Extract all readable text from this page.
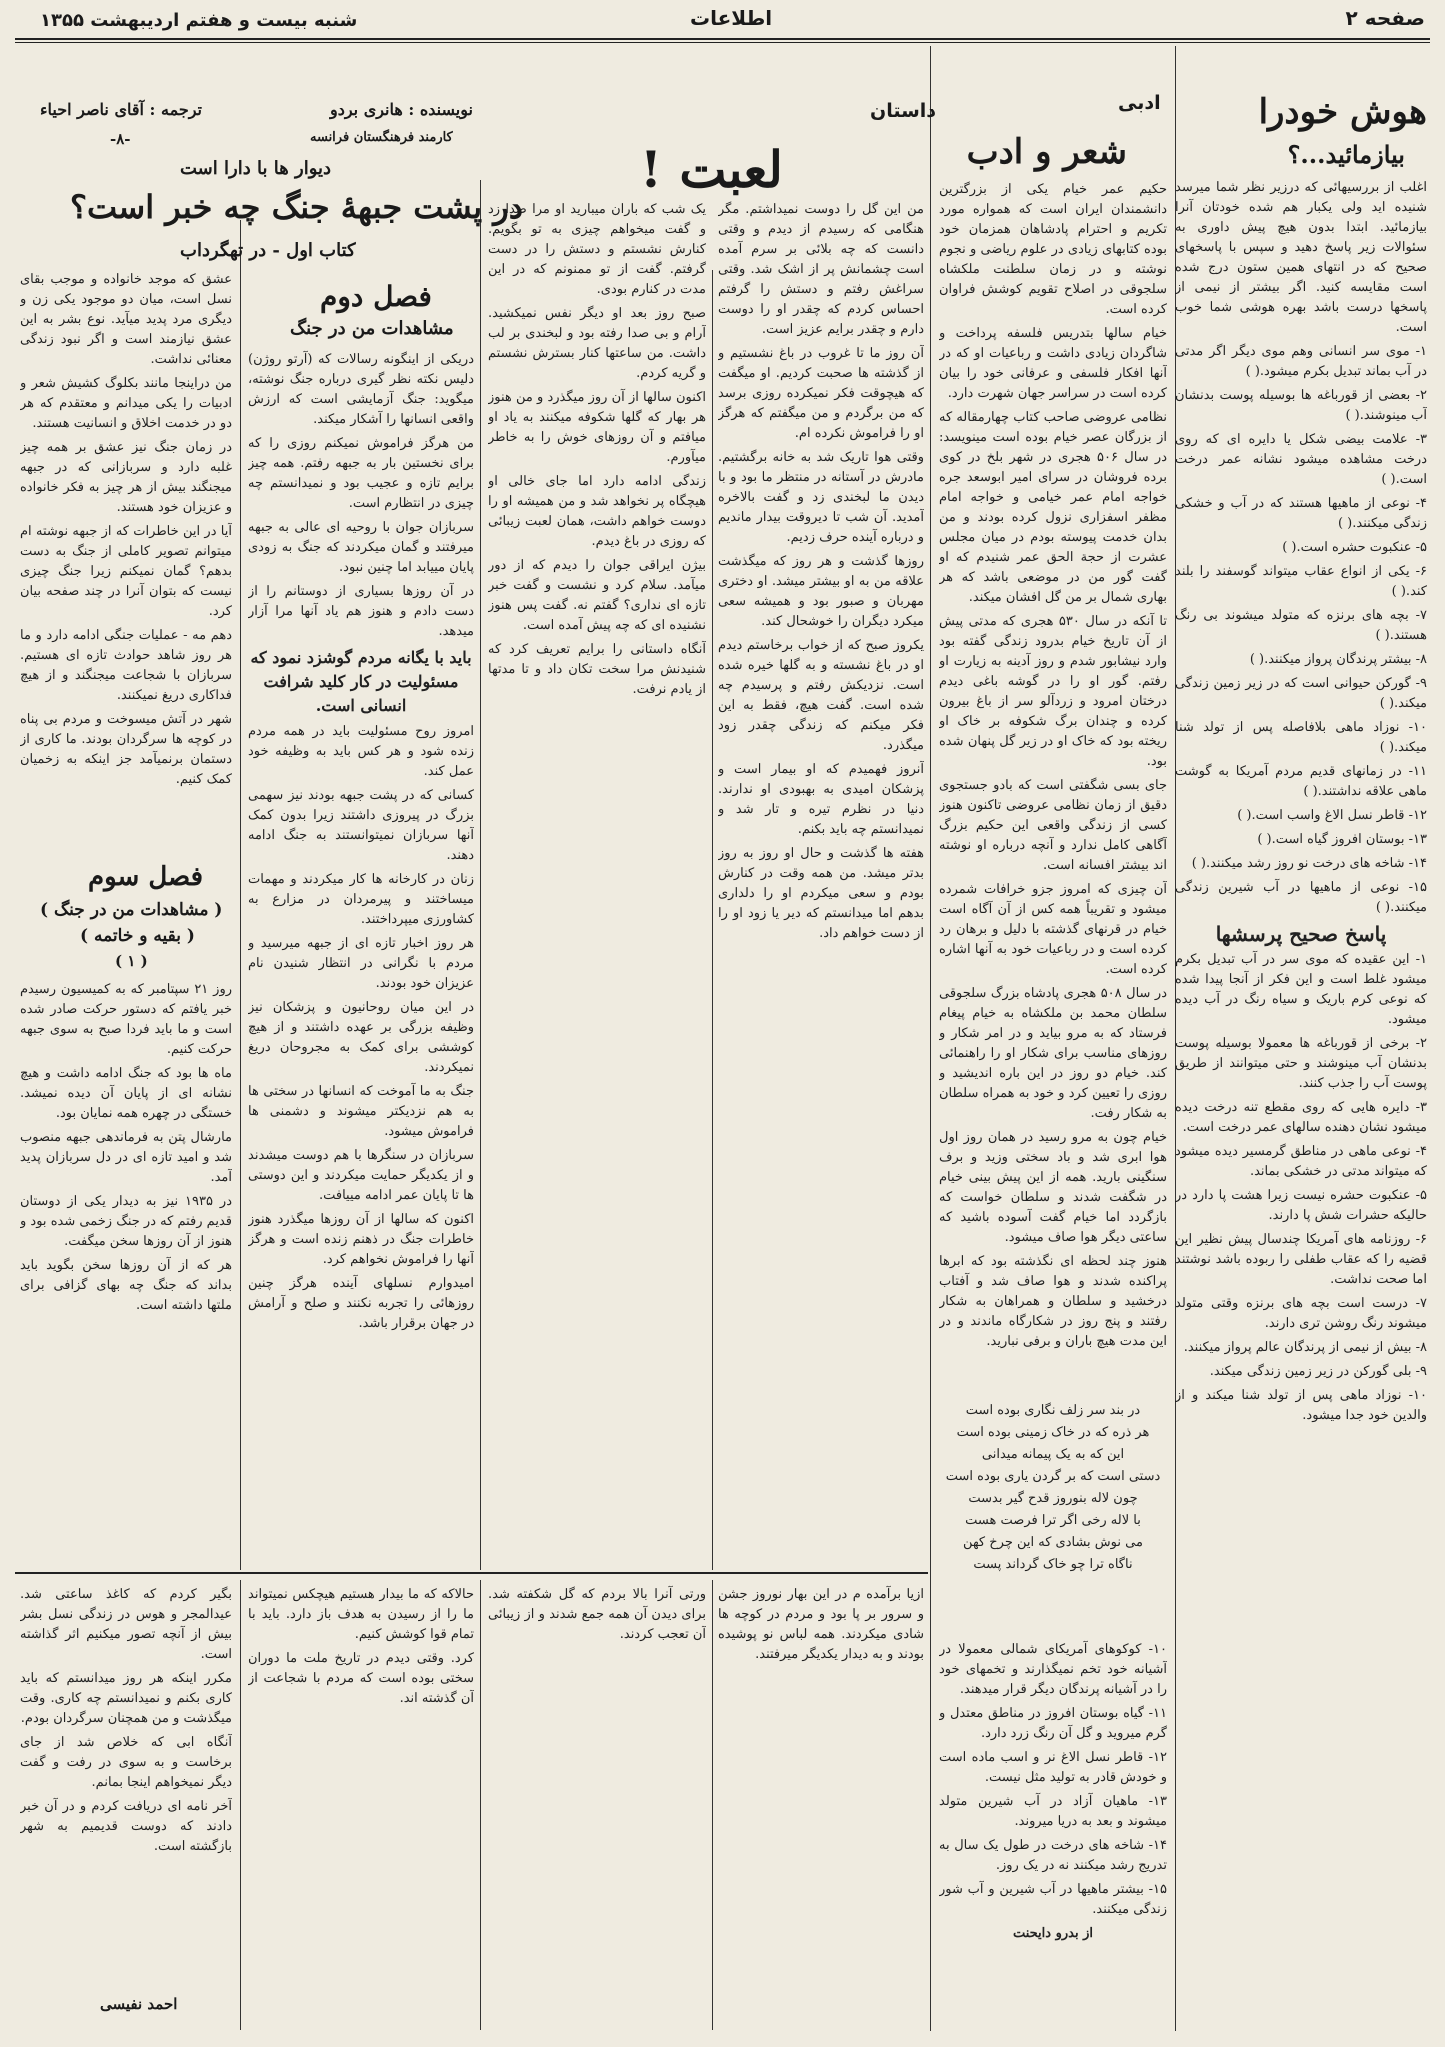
صفحه ۲
اطلاعات
شنبه بیست و هفتم اردیبهشت ۱۳۵۵
هوش خودرا
بیازمائید...؟
ادبی

اغلب از بررسیهائی که درزیر نظر شما میرسد شنیده اید ولی یکبار هم شده خودتان آنرا بیازمائید. ابتدا بدون هیچ پیش داوری به سئوالات زیر پاسخ دهید و سپس با پاسخهای صحیح که در انتهای همین ستون درج شده است مقایسه کنید. اگر بیشتر از نیمی از پاسخها درست باشد بهره هوشی شما خوب است.

۱- موی سر انسانی وهم موی دیگر اگر مدتی در آب بماند تبدیل بکرم میشود.( )

۲- بعضی از قورباغه ها بوسیله پوست بدنشان آب مینوشند.( )

۳- علامت بیضی شکل یا دایره ای که روی درخت مشاهده میشود نشانه عمر درخت است.( )

۴- نوعی از ماهیها هستند که در آب و خشکی زندگی میکنند.( )

۵- عنکبوت حشره است.( )

۶- یکی از انواع عقاب میتواند گوسفند را بلند کند.( )

۷- بچه های برنزه که متولد میشوند بی رنگ هستند.( )

۸- بیشتر پرندگان پرواز میکنند.( )

۹- گورکن حیوانی است که در زیر زمین زندگی میکند.( )

۱۰- نوزاد ماهی بلافاصله پس از تولد شنا میکند.( )

۱۱- در زمانهای قدیم مردم آمریکا به گوشت ماهی علاقه نداشتند.( )

۱۲- قاطر نسل الاغ واسب است.( )

۱۳- بوستان افروز گیاه است.( )

۱۴- شاخه های درخت نو روز رشد میکنند.( )

۱۵- نوعی از ماهیها در آب شیرین زندگی میکنند.( )

پاسخ صحیح پرسشها

۱- این عقیده که موی سر در آب تبدیل بکرم میشود غلط است و این فکر از آنجا پیدا شده که نوعی کرم باریک و سیاه رنگ در آب دیده میشود.

۲- برخی از قورباغه ها معمولا بوسیله پوست بدنشان آب مینوشند و حتی میتوانند از طریق پوست آب را جذب کنند.

۳- دایره هایی که روی مقطع تنه درخت دیده میشود نشان دهنده سالهای عمر درخت است.

۴- نوعی ماهی در مناطق گرمسیر دیده میشود که میتواند مدتی در خشکی بماند.

۵- عنکبوت حشره نیست زیرا هشت پا دارد در حالیکه حشرات شش پا دارند.

۶- روزنامه های آمریکا چندسال پیش نظیر این قضیه را که عقاب طفلی را ربوده باشد نوشتند اما صحت نداشت.

۷- درست است بچه های برنزه وقتی متولد میشوند رنگ روشن تری دارند.

۸- بیش از نیمی از پرندگان عالم پرواز میکنند.

۹- بلی گورکن در زیر زمین زندگی میکند.

۱۰- نوزاد ماهی پس از تولد شنا میکند و از والدین خود جدا میشود.

شعر و ادب
داستان

حکیم عمر خیام یکی از بزرگترین دانشمندان ایران است که همواره مورد تکریم و احترام پادشاهان همزمان خود بوده کتابهای زیادی در علوم ریاضی و نجوم نوشته و در زمان سلطنت ملکشاه سلجوقی در اصلاح تقویم کوشش فراوان کرده است.

خیام سالها بتدریس فلسفه پرداخت و شاگردان زیادی داشت و رباعیات او که در آنها افکار فلسفی و عرفانی خود را بیان کرده است در سراسر جهان شهرت دارد.

نظامی عروضی صاحب کتاب چهارمقاله که از بزرگان عصر خیام بوده است مینویسد: در سال ۵۰۶ هجری در شهر بلخ در کوی برده فروشان در سرای امیر ابوسعد جره خواجه امام عمر خیامی و خواجه امام مظفر اسفزاری نزول کرده بودند و من بدان خدمت پیوسته بودم در میان مجلس عشرت از حجة الحق عمر شنیدم که او گفت گور من در موضعی باشد که هر بهاری شمال بر من گل افشان میکند.

تا آنکه در سال ۵۳۰ هجری که مدتی پیش از آن تاریخ خیام بدرود زندگی گفته بود وارد نیشابور شدم و روز آدینه به زیارت او رفتم. گور او را در گوشه باغی دیدم درختان امرود و زردآلو سر از باغ بیرون کرده و چندان برگ شکوفه بر خاک او ریخته بود که خاک او در زیر گل پنهان شده بود.

جای بسی شگفتی است که بادو جستجوی دقیق از زمان نظامی عروضی تاکنون هنوز کسی از زندگی واقعی این حکیم بزرگ آگاهی کامل ندارد و آنچه درباره او نوشته اند بیشتر افسانه است.

آن چیزی که امروز جزو خرافات شمرده میشود و تقریباً همه کس از آن آگاه است خیام در قرنهای گذشته با دلیل و برهان رد کرده است و در رباعیات خود به آنها اشاره کرده است.

در سال ۵۰۸ هجری پادشاه بزرگ سلجوقی سلطان محمد بن ملکشاه به خیام پیغام فرستاد که به مرو بیاید و در امر شکار و روزهای مناسب برای شکار او را راهنمائی کند. خیام دو روز در این باره اندیشید و روزی را تعیین کرد و خود به همراه سلطان به شکار رفت.

خیام چون به مرو رسید در همان روز اول هوا ابری شد و باد سختی وزید و برف سنگینی بارید. همه از این پیش بینی خیام در شگفت شدند و سلطان خواست که بازگردد اما خیام گفت آسوده باشید که ساعتی دیگر هوا صاف میشود.

هنوز چند لحظه ای نگذشته بود که ابرها پراکنده شدند و هوا صاف شد و آفتاب درخشید و سلطان و همراهان به شکار رفتند و پنج روز در شکارگاه ماندند و در این مدت هیچ باران و برفی نبارید.

در بند سر زلف نگاری بوده است
هر ذره که در خاک زمینی بوده است
این که به یک پیمانه میدانی
دستی است که بر گردن یاری بوده است
چون لاله بنوروز قدح گیر بدست
با لاله رخی اگر ترا فرصت هست
می نوش بشادی که این چرخ کهن
ناگاه ترا چو خاک گرداند پست

۱۰- کوکوهای آمریکای شمالی معمولا در آشیانه خود تخم نمیگذارند و تخمهای خود را در آشیانه پرندگان دیگر قرار میدهند.

۱۱- گیاه بوستان افروز در مناطق معتدل و گرم میروید و گل آن رنگ زرد دارد.

۱۲- قاطر نسل الاغ نر و اسب ماده است و خودش قادر به تولید مثل نیست.

۱۳- ماهیان آزاد در آب شیرین متولد میشوند و بعد به دریا میروند.

۱۴- شاخه های درخت در طول یک سال به تدریج رشد میکنند نه در یک روز.

۱۵- بیشتر ماهیها در آب شیرین و آب شور زندگی میکنند.

از بدرو دایحنت
لعبت !

من این گل را دوست نمیداشتم. مگر هنگامی که رسیدم از دیدم و وقتی دانست که چه بلائی بر سرم آمده است چشمانش پر از اشک شد. وقتی سراغش رفتم و دستش را گرفتم احساس کردم که چقدر او را دوست دارم و چقدر برایم عزیز است.

آن روز ما تا غروب در باغ نشستیم و از گذشته ها صحبت کردیم. او میگفت که هیچوقت فکر نمیکرده روزی برسد که من برگردم و من میگفتم که هرگز او را فراموش نکرده ام.

وقتی هوا تاریک شد به خانه برگشتیم. مادرش در آستانه در منتظر ما بود و با دیدن ما لبخندی زد و گفت بالاخره آمدید. آن شب تا دیروقت بیدار ماندیم و درباره آینده حرف زدیم.

روزها گذشت و هر روز که میگذشت علاقه من به او بیشتر میشد. او دختری مهربان و صبور بود و همیشه سعی میکرد دیگران را خوشحال کند.

یکروز صبح که از خواب برخاستم دیدم او در باغ نشسته و به گلها خیره شده است. نزدیکش رفتم و پرسیدم چه شده است. گفت هیچ، فقط به این فکر میکنم که زندگی چقدر زود میگذرد.

آنروز فهمیدم که او بیمار است و پزشکان امیدی به بهبودی او ندارند. دنیا در نظرم تیره و تار شد و نمیدانستم چه باید بکنم.

هفته ها گذشت و حال او روز به روز بدتر میشد. من همه وقت در کنارش بودم و سعی میکردم او را دلداری بدهم اما میدانستم که دیر یا زود او را از دست خواهم داد.

یک شب که باران میبارید او مرا صدا زد و گفت میخواهم چیزی به تو بگویم. کنارش نشستم و دستش را در دست گرفتم. گفت از تو ممنونم که در این مدت در کنارم بودی.

صبح روز بعد او دیگر نفس نمیکشید. آرام و بی صدا رفته بود و لبخندی بر لب داشت. من ساعتها کنار بسترش نشستم و گریه کردم.

اکنون سالها از آن روز میگذرد و من هنوز هر بهار که گلها شکوفه میکنند به یاد او میافتم و آن روزهای خوش را به خاطر میآورم.

زندگی ادامه دارد اما جای خالی او هیچگاه پر نخواهد شد و من همیشه او را دوست خواهم داشت، همان لعبت زیبائی که روزی در باغ دیدم.

بیژن ایراقی جوان را دیدم که از دور میآمد. سلام کرد و نشست و گفت خبر تازه ای نداری؟ گفتم نه. گفت پس هنوز نشنیده ای که چه پیش آمده است.

آنگاه داستانی را برایم تعریف کرد که شنیدنش مرا سخت تکان داد و تا مدتها از یادم نرفت.

نویسنده : هانری بردو
کارمند فرهنگستان فرانسه
ترجمه : آقای ناصر احیاء
-۸-
دیوار ها با دارا است
در پشت جبههٔ جنگ چه خبر است؟
کتاب اول - در تهگرداب

عشق که موجد خانواده و موجب بقای نسل است، میان دو موجود یکی زن و دیگری مرد پدید میآید. نوع بشر به این عشق نیازمند است و اگر نبود زندگی معنائی نداشت.

من دراینجا مانند بکلوگ کشیش شعر و ادبیات را یکی میدانم و معتقدم که هر دو در خدمت اخلاق و انسانیت هستند.

در زمان جنگ نیز عشق بر همه چیز غلبه دارد و سربازانی که در جبهه میجنگند بیش از هر چیز به فکر خانواده و عزیزان خود هستند.

آیا در این خاطرات که از جبهه نوشته ام میتوانم تصویر کاملی از جنگ به دست بدهم؟ گمان نمیکنم زیرا جنگ چیزی نیست که بتوان آنرا در چند صفحه بیان کرد.

دهم مه - عملیات جنگی ادامه دارد و ما هر روز شاهد حوادث تازه ای هستیم. سربازان با شجاعت میجنگند و از هیچ فداکاری دریغ نمیکنند.

شهر در آتش میسوخت و مردم بی پناه در کوچه ها سرگردان بودند. ما کاری از دستمان برنمیآمد جز اینکه به زخمیان کمک کنیم.

فصل سوم
( مشاهدات من در جنگ )
( بقیه و خاتمه )
( ۱ )

روز ۲۱ سپتامبر که به کمیسیون رسیدم خبر یافتم که دستور حرکت صادر شده است و ما باید فردا صبح به سوی جبهه حرکت کنیم.

ماه ها بود که جنگ ادامه داشت و هیچ نشانه ای از پایان آن دیده نمیشد. خستگی در چهره همه نمایان بود.

مارشال پتن به فرماندهی جبهه منصوب شد و امید تازه ای در دل سربازان پدید آمد.

در ۱۹۳۵ نیز به دیدار یکی از دوستان قدیم رفتم که در جنگ زخمی شده بود و هنوز از آن روزها سخن میگفت.

هر که از آن روزها سخن بگوید باید بداند که جنگ چه بهای گزافی برای ملتها داشته است.

فصل دوم
مشاهدات من در جنگ

دریکی از اینگونه رسالات که (آرتو روژن) دلیس نکته نظر گیری درباره جنگ نوشته، میگوید: جنگ آزمایشی است که ارزش واقعی انسانها را آشکار میکند.

من هرگز فراموش نمیکنم روزی را که برای نخستین بار به جبهه رفتم. همه چیز برایم تازه و عجیب بود و نمیدانستم چه چیزی در انتظارم است.

سربازان جوان با روحیه ای عالی به جبهه میرفتند و گمان میکردند که جنگ به زودی پایان مییابد اما چنین نبود.

در آن روزها بسیاری از دوستانم را از دست دادم و هنوز هم یاد آنها مرا آزار میدهد.

باید با یگانه مردم گوشزد نمود که مسئولیت در کار کلید شرافت انسانی است.

امروز روح مسئولیت باید در همه مردم زنده شود و هر کس باید به وظیفه خود عمل کند.

کسانی که در پشت جبهه بودند نیز سهمی بزرگ در پیروزی داشتند زیرا بدون کمک آنها سربازان نمیتوانستند به جنگ ادامه دهند.

زنان در کارخانه ها کار میکردند و مهمات میساختند و پیرمردان در مزارع به کشاورزی میپرداختند.

هر روز اخبار تازه ای از جبهه میرسید و مردم با نگرانی در انتظار شنیدن نام عزیزان خود بودند.

در این میان روحانیون و پزشکان نیز وظیفه بزرگی بر عهده داشتند و از هیچ کوششی برای کمک به مجروحان دریغ نمیکردند.

جنگ به ما آموخت که انسانها در سختی ها به هم نزدیکتر میشوند و دشمنی ها فراموش میشود.

سربازان در سنگرها با هم دوست میشدند و از یکدیگر حمایت میکردند و این دوستی ها تا پایان عمر ادامه مییافت.

اکنون که سالها از آن روزها میگذرد هنوز خاطرات جنگ در ذهنم زنده است و هرگز آنها را فراموش نخواهم کرد.

امیدوارم نسلهای آینده هرگز چنین روزهائی را تجربه نکنند و صلح و آرامش در جهان برقرار باشد.

ازیا برآمده م در این بهار نوروز جشن و سرور بر پا بود و مردم در کوچه ها شادی میکردند. همه لباس نو پوشیده بودند و به دیدار یکدیگر میرفتند.

ورتی آنرا بالا بردم که گل شکفته شد. برای دیدن آن همه جمع شدند و از زیبائی آن تعجب کردند.

حالاکه که ما بیدار هستیم هیچکس نمیتواند ما را از رسیدن به هدف باز دارد. باید با تمام قوا کوشش کنیم.

کرد. وقتی دیدم در تاریخ ملت ما دوران سختی بوده است که مردم با شجاعت از آن گذشته اند.

بگیر کردم که کاغذ ساعتی شد. عیدالمجر و هوس در زندگی نسل بشر بیش از آنچه تصور میکنیم اثر گذاشته است.

مکرر اینکه هر روز میدانستم که باید کاری بکنم و نمیدانستم چه کاری. وقت میگذشت و من همچنان سرگردان بودم.

آنگاه ابی که خلاص شد از جای برخاست و به سوی در رفت و گفت دیگر نمیخواهم اینجا بمانم.

آخر نامه ای دریافت کردم و در آن خبر دادند که دوست قدیمیم به شهر بازگشته است.

احمد نفیسی
